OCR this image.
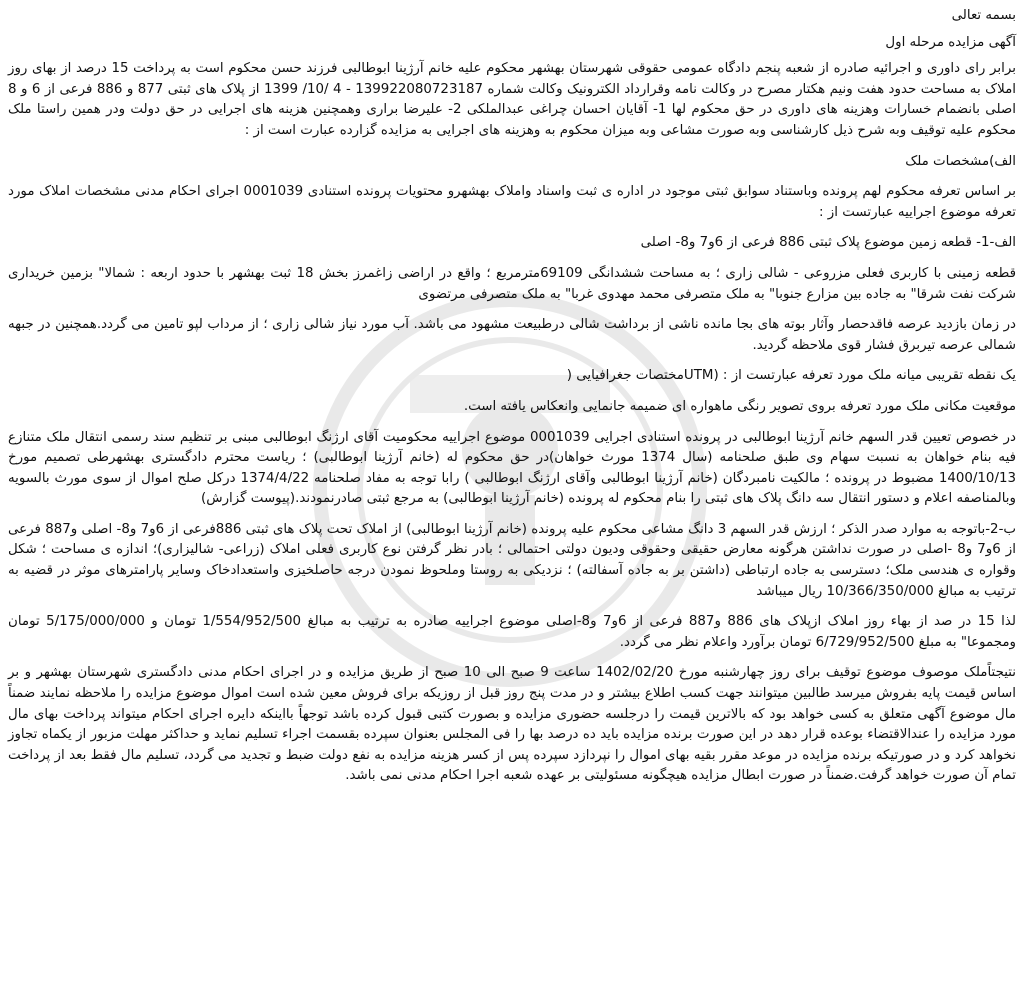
بسمه تعالی
آگهی مزایده مرحله اول

برابر رای داوری و اجرائیه صادره از شعبه پنجم دادگاه عمومی حقوقی شهرستان بهشهر محکوم علیه خانم آرژینا ابوطالبی فرزند حسن محکوم است به پرداخت 15 درصد از بهای روز املاک به مساحت حدود هفت ونیم هکتار مصرح در وکالت نامه وقرارداد الکترونیک وکالت شماره 139922080723187 - 4 /10/ 1399 از پلاک های ثبتی 877 و 886 فرعی از 6 و 8 اصلی بانضمام خسارات وهزینه های داوری در حق محکوم لها 1- آقایان احسان چراغی عبدالملکی 2- علیرضا براری وهمچنین هزینه های اجرایی در حق دولت ودر همین راستا ملک محکوم علیه توقیف وبه شرح ذیل کارشناسی وبه صورت مشاعی وبه میزان محکوم به وهزینه های اجرایی به مزایده گزارده عبارت است از :

الف)مشخصات ملک

بر اساس تعرفه محکوم لهم پرونده وباستناد سوابق ثبتی موجود در اداره ی ثبت واسناد واملاک بهشهرو محتویات پرونده استنادی 0001039 اجرای احکام مدنی مشخصات املاک مورد تعرفه موضوع اجراییه عبارتست از :

الف-1- قطعه زمین موضوع پلاک ثبتی 886 فرعی از 6و7 و8- اصلی

قطعه زمینی با کاربری فعلی مزروعی - شالی زاری ؛ به مساحت ششدانگی 69109مترمربع ؛ واقع در اراضی زاغمرز بخش 18 ثبت بهشهر با حدود اربعه : شمالا" بزمین خریداری شرکت نفت شرقا" به جاده بین مزارع جنوبا" به ملک متصرفی محمد مهدوی غربا" به ملک متصرفی مرتضوی

در زمان بازدید عرصه فاقدحصار وآثار بوته های بجا مانده ناشی از برداشت شالی درطبیعت مشهود می باشد. آب مورد نیاز شالی زاری ؛ از مرداب لپو تامین می گردد.همچنین در جبهه شمالی عرصه تیربرق فشار قوی ملاحظه گردید.

یک نقطه تقریبی میانه ملک مورد تعرفه عبارتست از : (UTMمختصات جغرافیایی (

موقعیت مکانی ملک مورد تعرفه بروی تصویر رنگی ماهواره ای ضمیمه جانمایی وانعکاس یافته است.

در خصوص تعیین قدر السهم خانم آرژینا ابوطالبی در پرونده استنادی اجرایی 0001039 موضوع اجراییه محکومیت آقای ارژنگ ابوطالبی مبنی بر تنظیم سند رسمی انتقال ملک متنازع فیه بنام خواهان به نسبت سهام وی طبق صلحنامه (سال 1374 مورث خواهان)در حق محکوم له (خانم آرژینا ابوطالبی) ؛ ریاست محترم دادگستری بهشهرطی تصمیم مورخ 1400/10/13 مضبوط در پرونده ؛ مالکیت نامبردگان (خانم آرژینا ابوطالبی وآقای ارژنگ ابوطالبی ) رابا توجه به مفاد صلحنامه 1374/4/22 درکل صلح اموال از سوی مورث بالسویه وبالمناصفه اعلام و دستور انتقال سه دانگ پلاک های ثبتی را بنام محکوم له پرونده (خانم آرژینا ابوطالبی) به مرجع ثبتی صادرنمودند.(پیوست گزارش)

ب-2-باتوجه به موارد صدر الذکر ؛ ارزش قدر السهم 3 دانگ مشاعی محکوم علیه پرونده (خانم آرژینا ابوطالبی) از املاک تحت پلاک های ثبتی 886فرعی از 6و7 و8- اصلی و887 فرعی از 6و7 و8 -اصلی در صورت نداشتن هرگونه معارض حقیقی وحقوقی ودیون دولتی احتمالی ؛ بادر نظر گرفتن نوع کاربری فعلی املاک (زراعی- شالیزاری)؛ اندازه ی مساحت ؛ شکل وقواره ی هندسی ملک؛ دسترسی به جاده ارتباطی (داشتن بر به جاده آسفالته) ؛ نزدیکی به روستا وملحوظ نمودن درجه حاصلخیزی واستعدادخاک وسایر پارامترهای موثر در قضیه به ترتیب به مبالغ 10/366/350/000 ریال میباشد

لذا 15 در صد از بهاء روز املاک ازپلاک های 886 و887 فرعی از 6و7 و8-اصلی موضوع اجراییه صادره به ترتیب به مبالغ 1/554/952/500 تومان و 5/175/000/000 تومان ومجموعا" به مبلغ 6/729/952/500 تومان برآورد واعلام نظر می گردد.

نتیجتاًملک موصوف موضوع توقیف برای روز چهارشنبه مورخ 1402/02/20 ساعت 9 صبح الی 10 صبح از طریق مزایده و در اجرای احکام مدنی دادگستری شهرستان بهشهر و بر اساس قیمت پایه بفروش میرسد طالبین میتوانند جهت کسب اطلاع بیشتر و در مدت پنج روز قبل از روزیکه برای فروش معین شده است اموال موضوع مزایده را ملاحظه نمایند ضمناً مال موضوع آگهی متعلق به کسی خواهد بود که بالاترین قیمت را درجلسه حضوری مزایده و بصورت کتبی قبول کرده باشد توجهاً بااینکه دایره اجرای احکام میتواند پرداخت بهای مال مورد مزایده را عندالاقتضاء بوعده قرار دهد در این صورت برنده مزایده باید ده درصد بها را فی المجلس بعنوان سپرده بقسمت اجراء تسلیم نماید و حداکثر مهلت مزبور از یکماه تجاوز نخواهد کرد و در صورتیکه برنده مزایده در موعد مقرر بقیه بهای اموال را نپردازد سپرده پس از کسر هزینه مزایده به نفع دولت ضبط و تجدید می گردد، تسلیم مال فقط بعد از پرداخت تمام آن صورت خواهد گرفت.ضمناً در صورت ابطال مزایده هیچگونه مسئولیتی بر عهده شعبه اجرا احکام مدنی نمی باشد.
